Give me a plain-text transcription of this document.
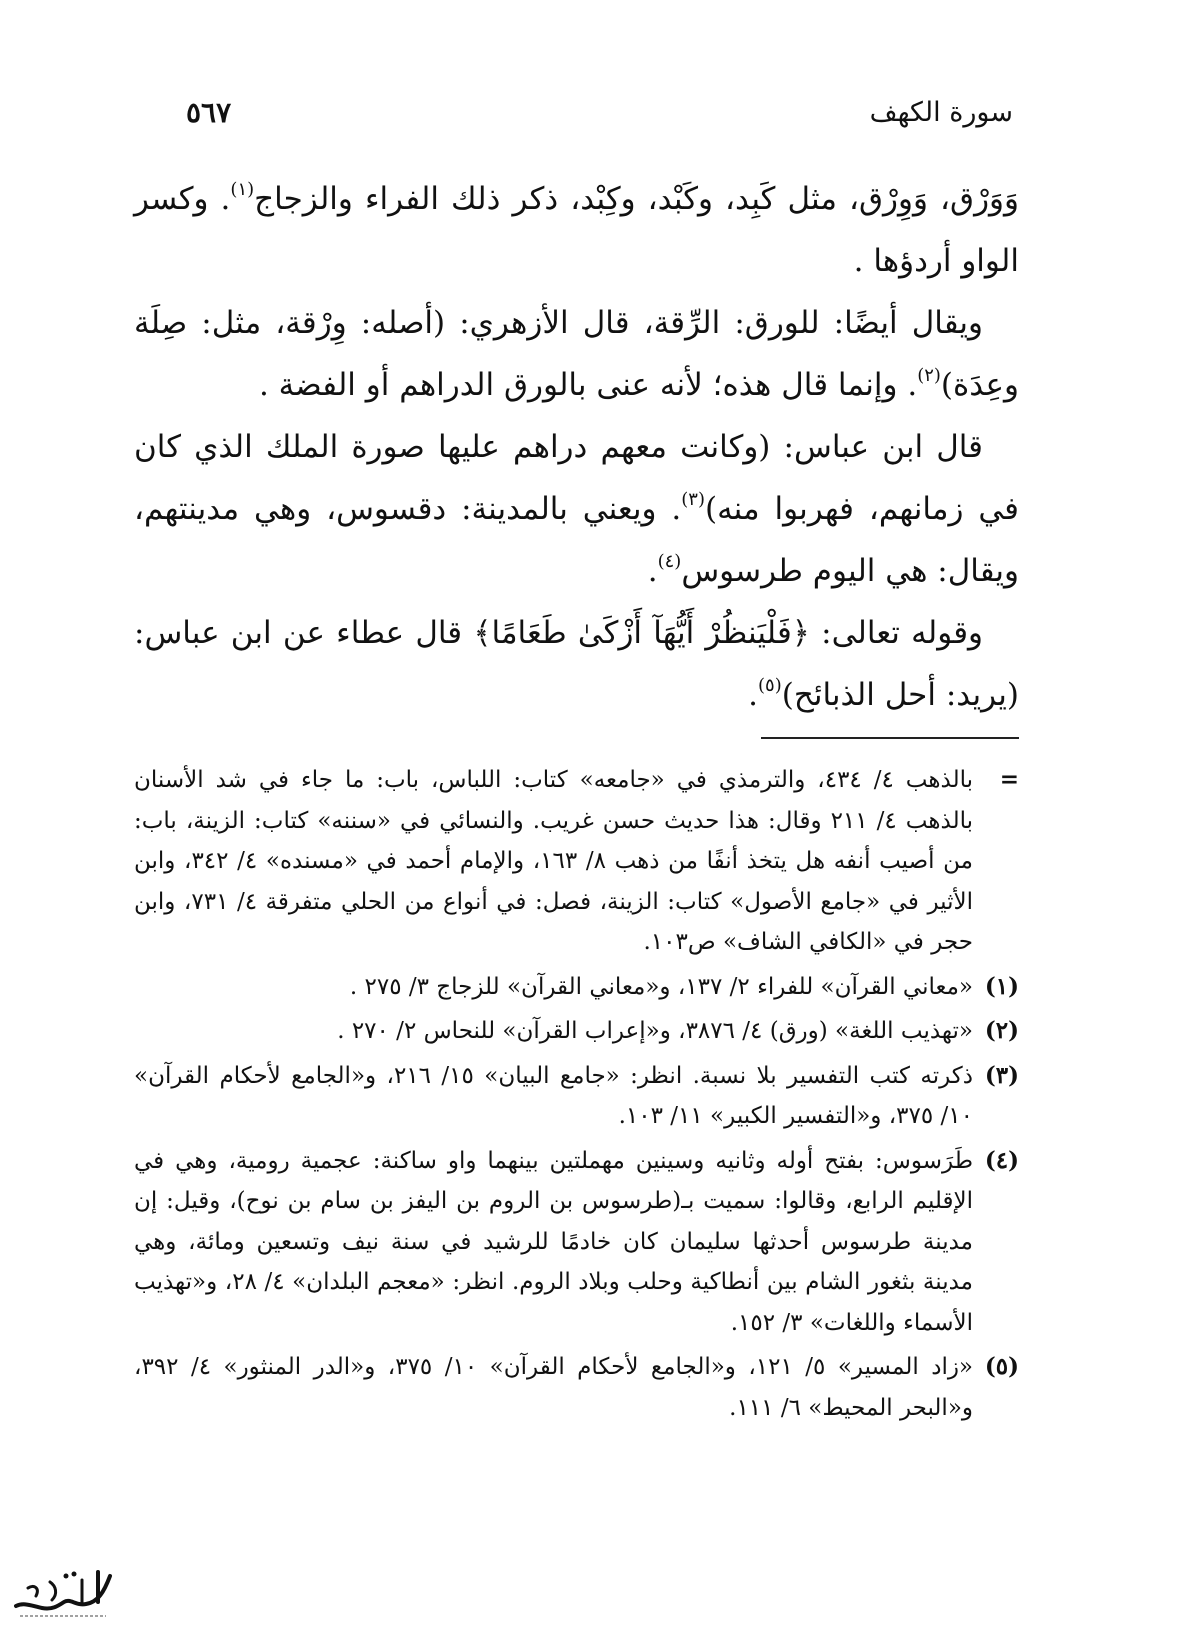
سورة الكهف
٥٦٧

وَوَرْق، وَوِرْق، مثل كَبِد، وكَبْد، وكِبْد، ذكر ذلك الفراء والزجاج$^{(١)}$. وكسر الواو أردؤها .

ويقال أيضًا: للورق: الرِّقة، قال الأزهري: (أصله: وِرْقة، مثل: صِلَة وعِدَة)$^{(٢)}$. وإنما قال هذه؛ لأنه عنى بالورق الدراهم أو الفضة .

قال ابن عباس: (وكانت معهم دراهم عليها صورة الملك الذي كان في زمانهم، فهربوا منه)$^{(٣)}$. ويعني بالمدينة: دقسوس، وهي مدينتهم، ويقال: هي اليوم طرسوس$^{(٤)}$.

وقوله تعالى: ﴿فَلْيَنظُرْ أَيُّهَآ أَزْكَىٰ طَعَامًا﴾ قال عطاء عن ابن عباس: (يريد: أحل الذبائح)$^{(٥)}$.

=
بالذهب ٤/ ٤٣٤، والترمذي في «جامعه» كتاب: اللباس، باب: ما جاء في شد الأسنان بالذهب ٤/ ٢١١ وقال: هذا حديث حسن غريب. والنسائي في «سننه» كتاب: الزينة، باب: من أصيب أنفه هل يتخذ أنفًا من ذهب ٨/ ١٦٣، والإمام أحمد في «مسنده» ٤/ ٣٤٢، وابن الأثير في «جامع الأصول» كتاب: الزينة، فصل: في أنواع من الحلي متفرقة ٤/ ٧٣١، وابن حجر في «الكافي الشاف» ص١٠٣.
(١)
«معاني القرآن» للفراء ٢/ ١٣٧، و«معاني القرآن» للزجاج ٣/ ٢٧٥ .
(٢)
«تهذيب اللغة» (ورق) ٤/ ٣٨٧٦، و«إعراب القرآن» للنحاس ٢/ ٢٧٠ .
(٣)
ذكرته كتب التفسير بلا نسبة. انظر: «جامع البيان» ١٥/ ٢١٦، و«الجامع لأحكام القرآن» ١٠/ ٣٧٥، و«التفسير الكبير» ١١/ ١٠٣.
(٤)
طَرَسوس: بفتح أوله وثانيه وسينين مهملتين بينهما واو ساكنة: عجمية رومية، وهي في الإقليم الرابع، وقالوا: سميت بـ(طرسوس بن الروم بن اليفز بن سام بن نوح)، وقيل: إن مدينة طرسوس أحدثها سليمان كان خادمًا للرشيد في سنة نيف وتسعين ومائة، وهي مدينة بثغور الشام بين أنطاكية وحلب وبلاد الروم. انظر: «معجم البلدان» ٤/ ٢٨، و«تهذيب الأسماء واللغات» ٣/ ١٥٢.
(٥)
«زاد المسير» ٥/ ١٢١، و«الجامع لأحكام القرآن» ١٠/ ٣٧٥، و«الدر المنثور» ٤/ ٣٩٢، و«البحر المحيط» ٦/ ١١١.
